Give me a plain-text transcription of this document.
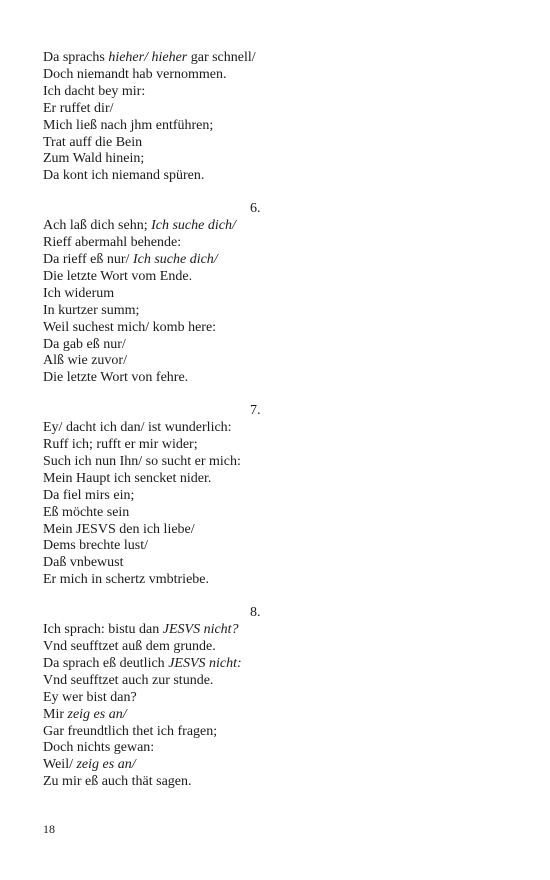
Da sprachs hieher/ hieher gar schnell/
Doch niemandt hab vernommen.
Ich dacht bey mir:
Er ruffet dir/
Mich ließ nach jhm entführen;
Trat auff die Bein
Zum Wald hinein;
Da kont ich niemand spüren.
6.
Ach laß dich sehn; Ich suche dich/
Rieff abermahl behende:
Da rieff eß nur/ Ich suche dich/
Die letzte Wort vom Ende.
Ich widerum
In kurtzer summ;
Weil suchest mich/ komb here:
Da gab eß nur/
Alß wie zuvor/
Die letzte Wort von fehre.
7.
Ey/ dacht ich dan/ ist wunderlich:
Ruff ich; rufft er mir wider;
Such ich nun Ihn/ so sucht er mich:
Mein Haupt ich sencket nider.
Da fiel mirs ein;
Eß möchte sein
Mein JESVS den ich liebe/
Dems brechte lust/
Daß vnbewust
Er mich in schertz vmbtriebe.
8.
Ich sprach: bistu dan JESVS nicht?
Vnd seufftzet auß dem grunde.
Da sprach eß deutlich JESVS nicht:
Vnd seufftzet auch zur stunde.
Ey wer bist dan?
Mir zeig es an/
Gar freundtlich thet ich fragen;
Doch nichts gewan:
Weil/ zeig es an/
Zu mir eß auch thät sagen.
18
